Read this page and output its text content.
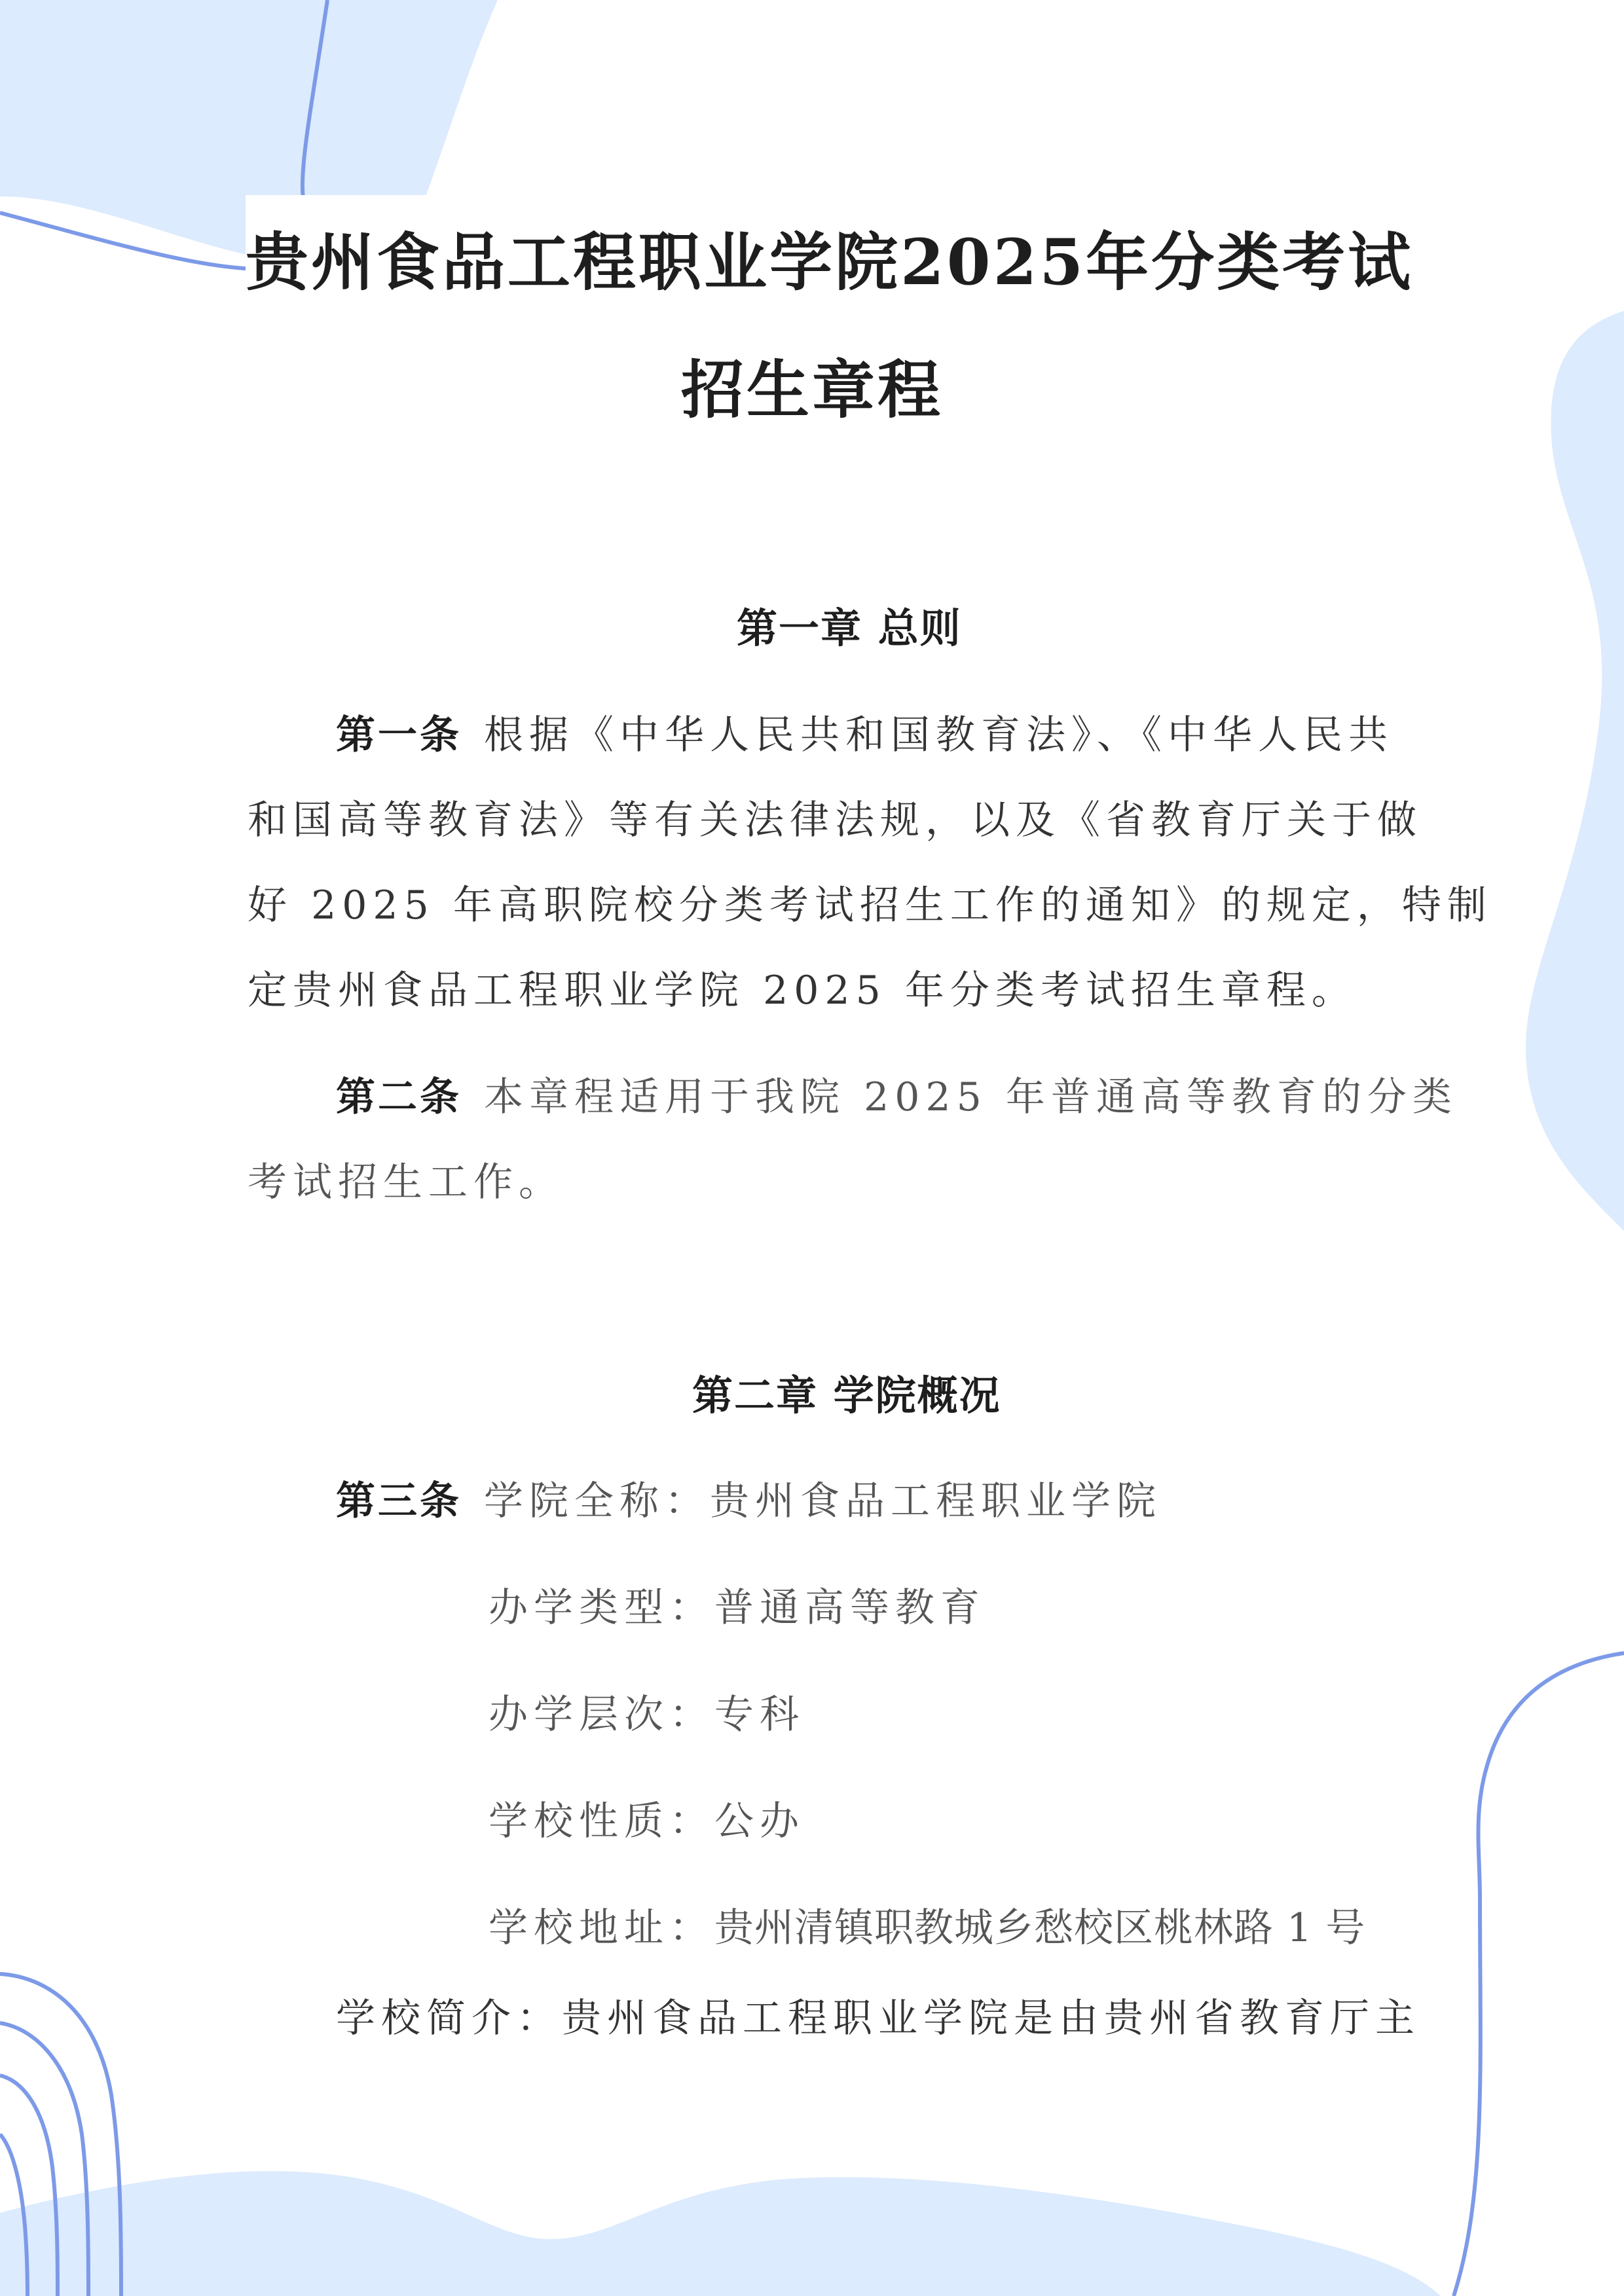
贵州食品工程职业学院2025年分类考试
招生章程
第一章 总则

第一条 根据《中华人民共和国教育法》、《中华人民共

和国高等教育法》等有关法律法规，以及《省教育厅关于做

好 2025 年高职院校分类考试招生工作的通知》的规定，特制

定贵州食品工程职业学院 2025 年分类考试招生章程。

第二条 本章程适用于我院 2025 年普通高等教育的分类

考试招生工作。

第二章 学院概况

第三条 学院全称：贵州食品工程职业学院

办学类型：普通高等教育

办学层次：专科

学校性质：公办

学校地址：贵州清镇职教城乡愁校区桃林路 1 号

学校简介：贵州食品工程职业学院是由贵州省教育厅主
